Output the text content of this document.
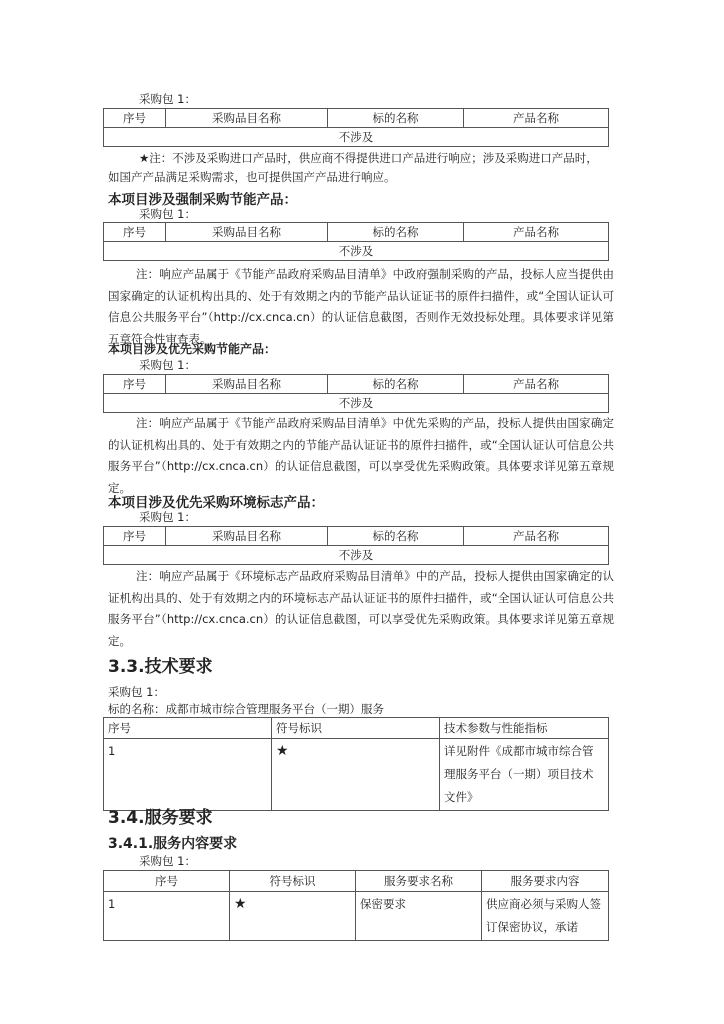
采购包 1：
序号	采购品目名称	标的名称	产品名称
不涉及
★注：不涉及采购进口产品时，供应商不得提供进口产品进行响应；涉及采购进口产品时，
如国产产品满足采购需求，也可提供国产产品进行响应。
本项目涉及强制采购节能产品：
采购包 1：
序号	采购品目名称	标的名称	产品名称
不涉及
注：响应产品属于《节能产品政府采购品目清单》中政府强制采购的产品，投标人应当提供由国家确定的认证机构出具的、处于有效期之内的节能产品认证证书的原件扫描件，或“全国认证认可信息公共服务平台”（http://cx.cnca.cn）的认证信息截图，否则作无效投标处理。具体要求详见第五章符合性审查表。
本项目涉及优先采购节能产品：
采购包 1：
序号	采购品目名称	标的名称	产品名称
不涉及
注：响应产品属于《节能产品政府采购品目清单》中优先采购的产品，投标人提供由国家确定的认证机构出具的、处于有效期之内的节能产品认证证书的原件扫描件，或“全国认证认可信息公共服务平台”（http://cx.cnca.cn）的认证信息截图，可以享受优先采购政策。具体要求详见第五章规定。
本项目涉及优先采购环境标志产品：
采购包 1：
序号	采购品目名称	标的名称	产品名称
不涉及
注：响应产品属于《环境标志产品政府采购品目清单》中的产品，投标人提供由国家确定的认证机构出具的、处于有效期之内的环境标志产品认证证书的原件扫描件，或“全国认证认可信息公共服务平台”（http://cx.cnca.cn）的认证信息截图，可以享受优先采购政策。具体要求详见第五章规定。
3.3.技术要求
采购包 1：
标的名称：成都市城市综合管理服务平台（一期）服务
序号	符号标识	技术参数与性能指标
1	★	详见附件《成都市城市综合管理服务平台（一期）项目技术文件》
3.4.服务要求
3.4.1.服务内容要求
采购包 1：
序号	符号标识	服务要求名称	服务要求内容
1	★	保密要求	供应商必须与采购人签订保密协议，承诺
